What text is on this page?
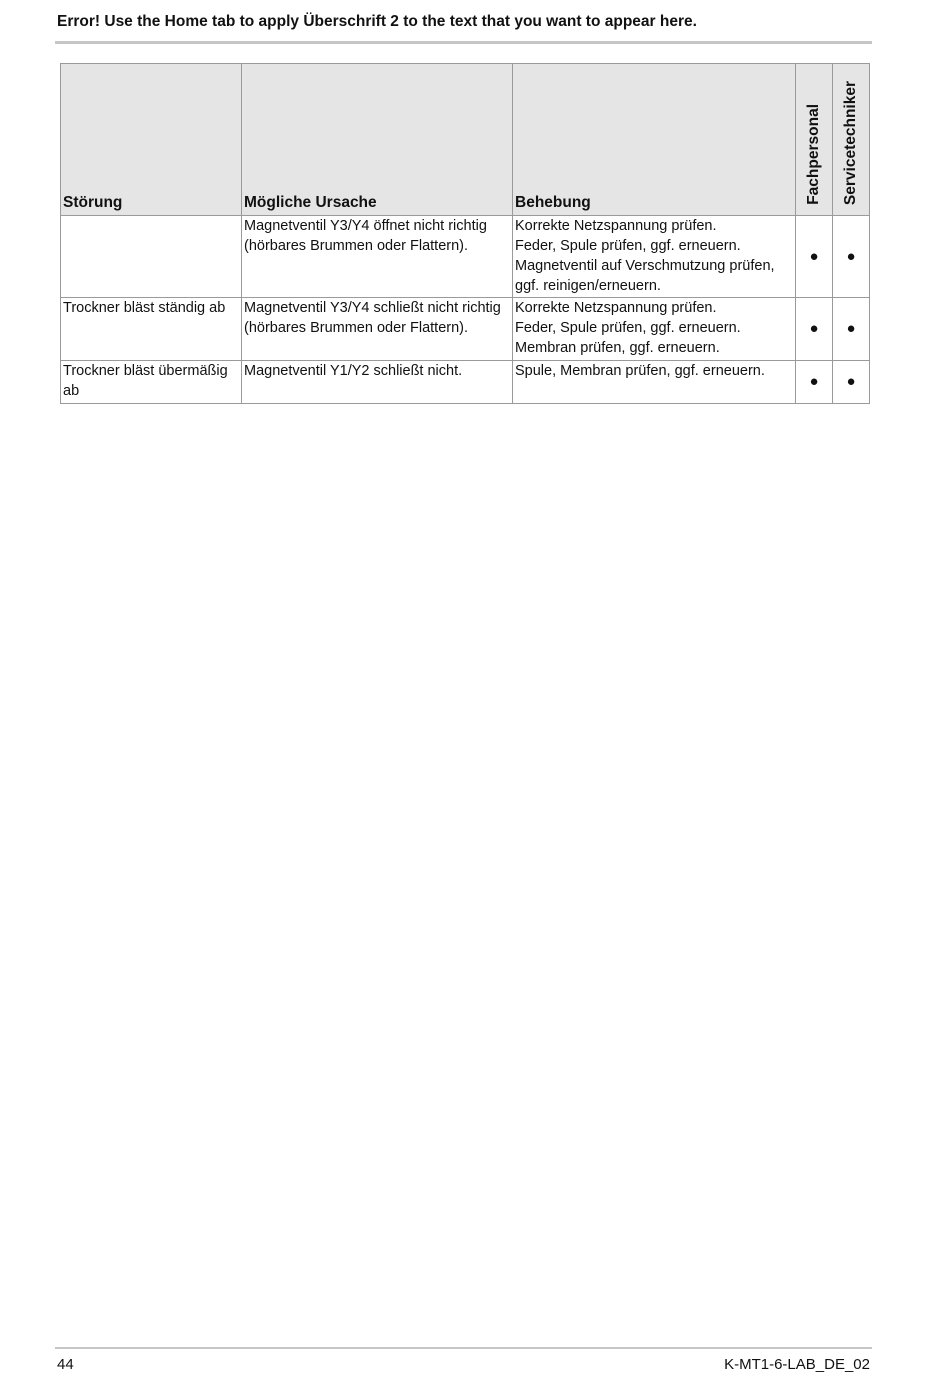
Error! Use the Home tab to apply Überschrift 2 to the text that you want to appear here.
Störung	Mögliche Ursache	Behebung	Fachpersonal	Servicetechniker

	Magnetventil Y3/Y4 öffnet nicht richtig (hörbares Brummen oder Flattern).	Korrekte Netzspannung prüfen.
Feder, Spule prüfen, ggf. erneuern.
Magnetventil auf Verschmutzung prüfen, ggf. reinigen/erneuern.	●	●
Trockner bläst ständig ab	Magnetventil Y3/Y4 schließt nicht richtig (hörbares Brummen oder Flattern).	Korrekte Netzspannung prüfen.
Feder, Spule prüfen, ggf. erneuern.
Membran prüfen, ggf. erneuern.	●	●
Trockner bläst übermäßig ab	Magnetventil Y1/Y2 schließt nicht.	Spule, Membran prüfen, ggf. erneuern.	●	●
44	K-MT1-6-LAB_DE_02
